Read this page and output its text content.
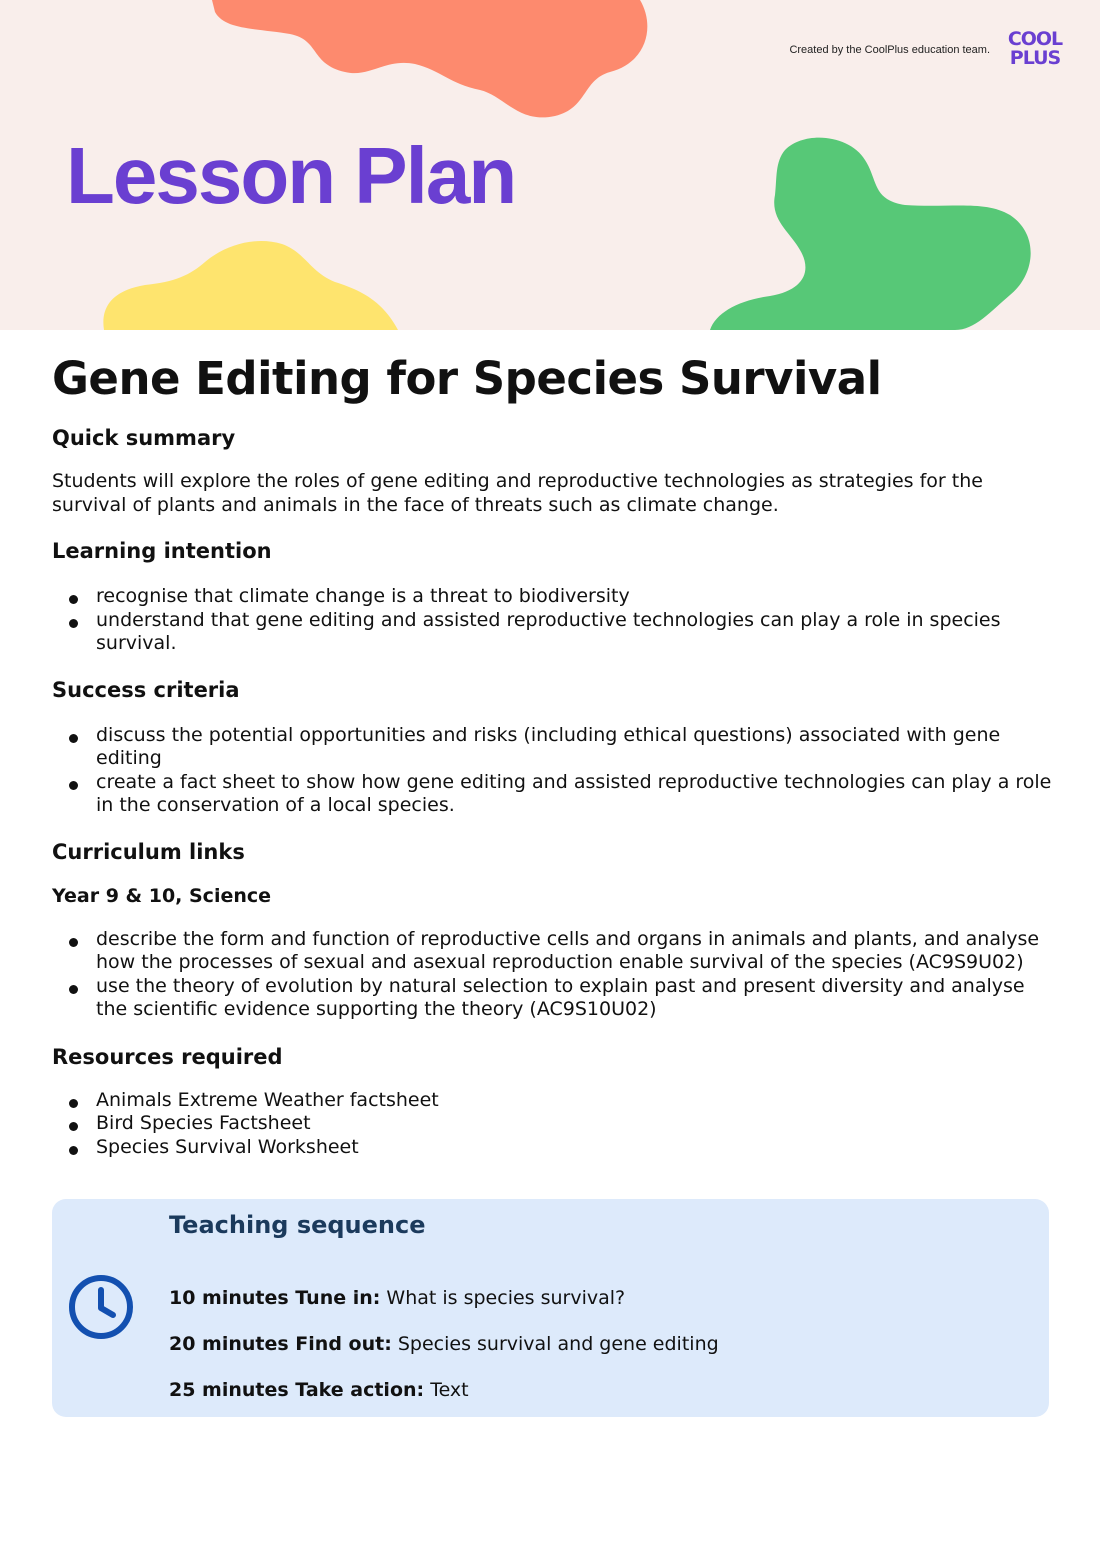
Created by the CoolPlus education team. COOL
PLUS
Lesson Plan
Gene Editing for Species Survival
Quick summary

Students will explore the roles of gene editing and reproductive technologies as strategies for the survival of plants and animals in the face of threats such as climate change.

Learning intention
recognise that climate change is a threat to biodiversity
understand that gene editing and assisted reproductive technologies can play a role in species survival.
Success criteria
discuss the potential opportunities and risks (including ethical questions) associated with gene editing
create a fact sheet to show how gene editing and assisted reproductive technologies can play a role in the conservation of a local species.
Curriculum links
Year 9 & 10, Science
describe the form and function of reproductive cells and organs in animals and plants, and analyse how the processes of sexual and asexual reproduction enable survival of the species (AC9S9U02)
use the theory of evolution by natural selection to explain past and present diversity and analyse the scientific evidence supporting the theory (AC9S10U02)
Resources required
Animals Extreme Weather factsheet
Bird Species Factsheet
Species Survival Worksheet
Teaching sequence
10 minutes Tune in: What is species survival?
20 minutes Find out: Species survival and gene editing
25 minutes Take action: Text
